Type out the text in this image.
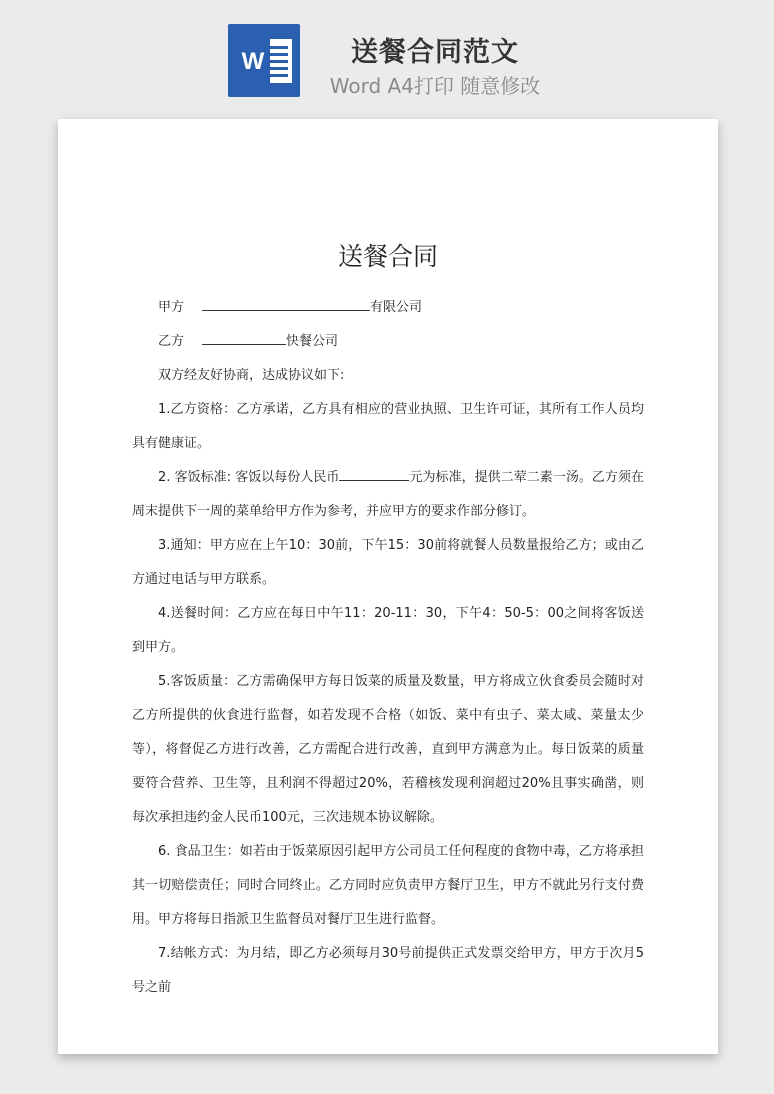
W	送餐合同范文
Word A4打印 随意修改
送餐合同
甲方	有限公司
乙方	快餐公司
双方经友好协商，达成协议如下:
1.乙方资格：乙方承诺，乙方具有相应的营业执照、卫生许可证，其所有工作人员均具有健康证。
2. 客饭标准: 客饭以每份人民币	元为标准，提供二荤二素一汤。乙方须在周末提供下一周的菜单给甲方作为参考，并应甲方的要求作部分修订。
3.通知：甲方应在上午10：30前，下午15：30前将就餐人员数量报给乙方；或由乙方通过电话与甲方联系。
4.送餐时间：乙方应在每日中午11：20-11：30，下午4：50-5：00之间将客饭送到甲方。
5.客饭质量：乙方需确保甲方每日饭菜的质量及数量，甲方将成立伙食委员会随时对乙方所提供的伙食进行监督，如若发现不合格（如饭、菜中有虫子、菜太咸、菜量太少等），将督促乙方进行改善，乙方需配合进行改善，直到甲方满意为止。每日饭菜的质量要符合营养、卫生等，且利润不得超过20%，若稽核发现利润超过20%且事实确凿，则每次承担违约金人民币100元，三次违规本协议解除。
6. 食品卫生：如若由于饭菜原因引起甲方公司员工任何程度的食物中毒，乙方将承担其一切赔偿责任；同时合同终止。乙方同时应负责甲方餐厅卫生，甲方不就此另行支付费用。甲方将每日指派卫生监督员对餐厅卫生进行监督。
7.结帐方式：为月结，即乙方必须每月30号前提供正式发票交给甲方，甲方于次月5号之前
